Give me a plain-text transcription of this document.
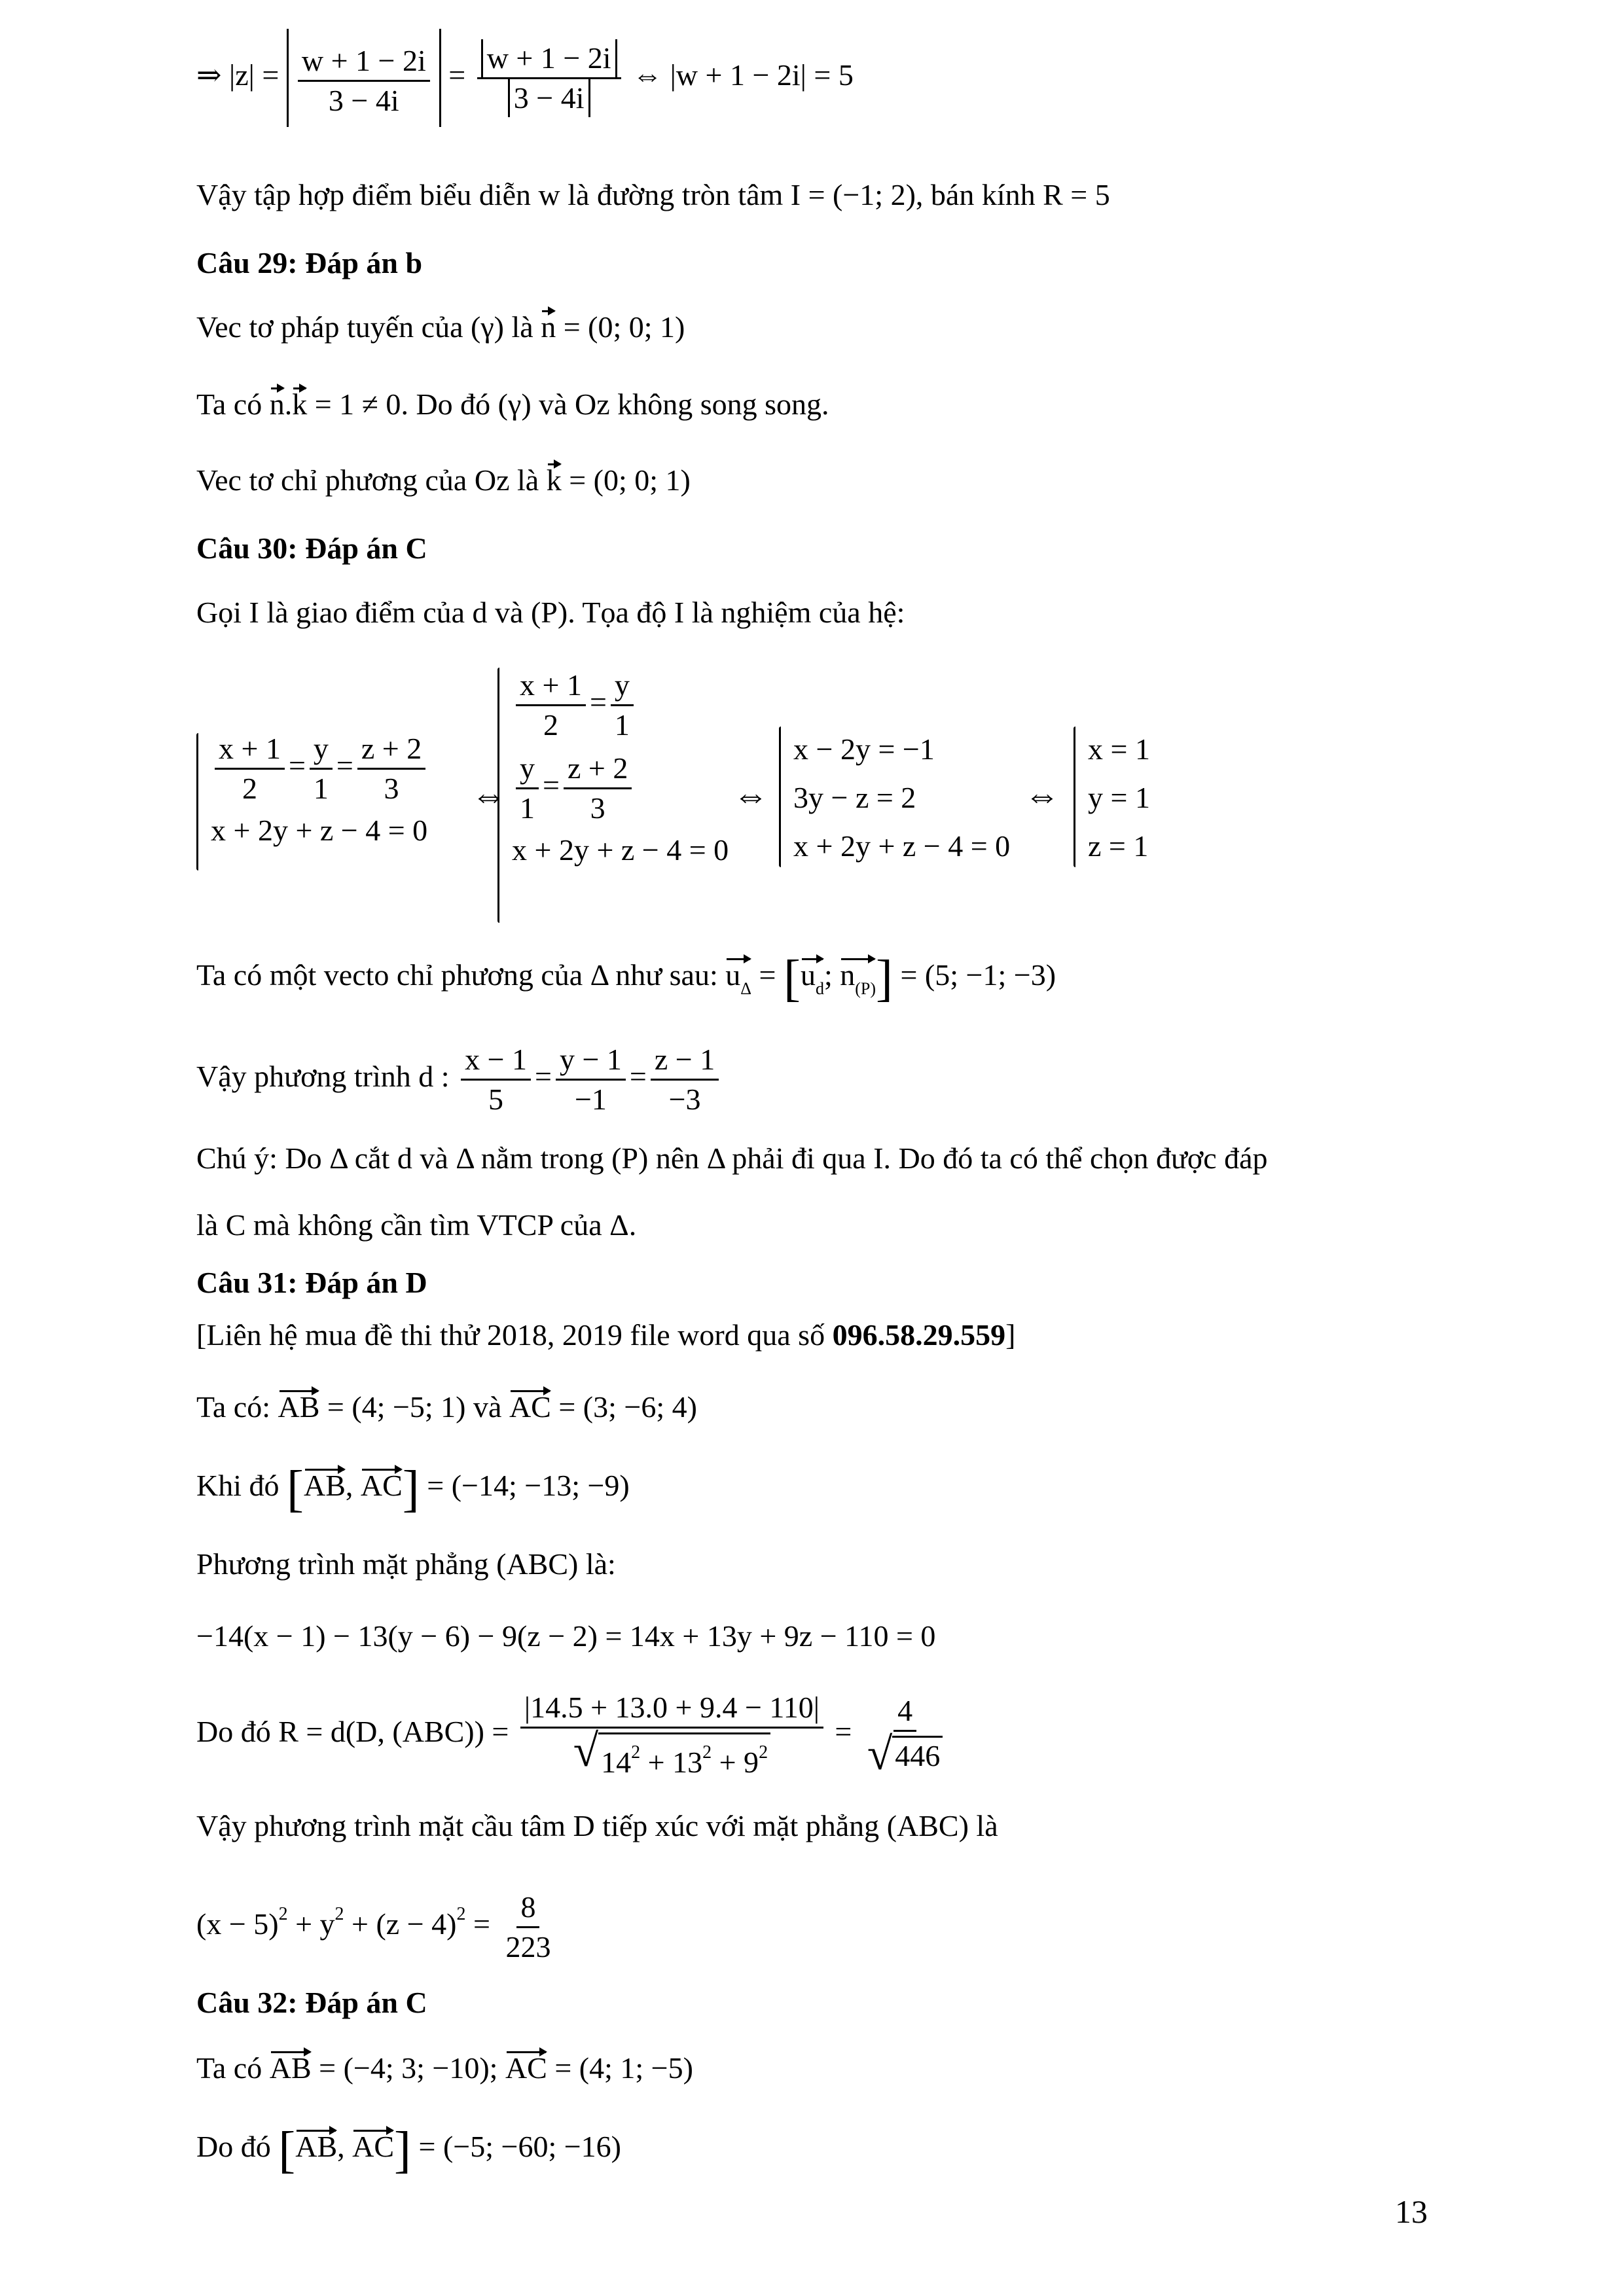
⇒ $|z| = \frac{w + 1 - 2i}{3 - 4i} = \frac{w + 1 - 2i}{3 - 4i}$ ⇔ |w + 1 − 2i| = 5
Vậy tập hợp điểm biểu diễn w là đường tròn tâm I = (−1; 2), bán kính R = 5
Câu 29: Đáp án b
Vec tơ pháp tuyến của (γ) là n = (0; 0; 1)
Ta có n.k = 1 ≠ 0. Do đó (γ) và Oz không song song.
Vec tơ chỉ phương của Oz là k = (0; 0; 1)
Câu 30: Đáp án C
Gọi I là giao điểm của d và (P). Tọa độ I là nghiệm của hệ:
$\frac{x + 1}{2} = \frac{y}{1} = \frac{z + 2}{3}$
x + 2y + z − 4 = 0
⇔
$\frac{x + 1}{2} = \frac{y}{1}$
$\frac{y}{1} = \frac{z + 2}{3}$
x + 2y + z − 4 = 0
⇔
x − 2y = −1
3y − z = 2
x + 2y + z − 4 = 0
⇔
x = 1
y = 1
z = 1
Ta có một vecto chỉ phương của Δ như sau: $u_\Delta = [u_d$; $n_{(P)}] = (5$; −1; −3)
Vậy phương trình d : $\frac{x - 1}{5} = \frac{y - 1}{-1} = \frac{z - 1}{-3}$
Chú ý: Do Δ cắt d và Δ nằm trong (P) nên Δ phải đi qua I. Do đó ta có thể chọn được đáp
là C mà không cần tìm VTCP của Δ.
Câu 31: Đáp án D
[Liên hệ mua đề thi thử 2018, 2019 file word qua số 096.58.29.559]
Ta có: AB = (4; −5; 1) và AC = (3; −6; 4)
Khi đó [AB, AC] = (−14; −13; −9)
Phương trình mặt phẳng (ABC) là:
−14(x − 1) − 13(y − 6) − 9(z − 2) = 14x + 13y + 9z − 110 = 0
Do đó R = d(D, $(ABC)) = \frac{|14.5 + 13.0 + 9.4 - 110|}{√ 14^2 + 13^2 + 9^2} = \frac{4}{√ 446}$
Vậy phương trình mặt cầu tâm D tiếp xúc với mặt phẳng (ABC) là
$(x - 5)^2 + y^2 + (z - 4)^2 = \frac{8}{223}$
Câu 32: Đáp án C
Ta có AB = (−4; 3; −10); AC = (4; 1; −5)
Do đó [AB, AC] = (−5; −60; −16)
13
